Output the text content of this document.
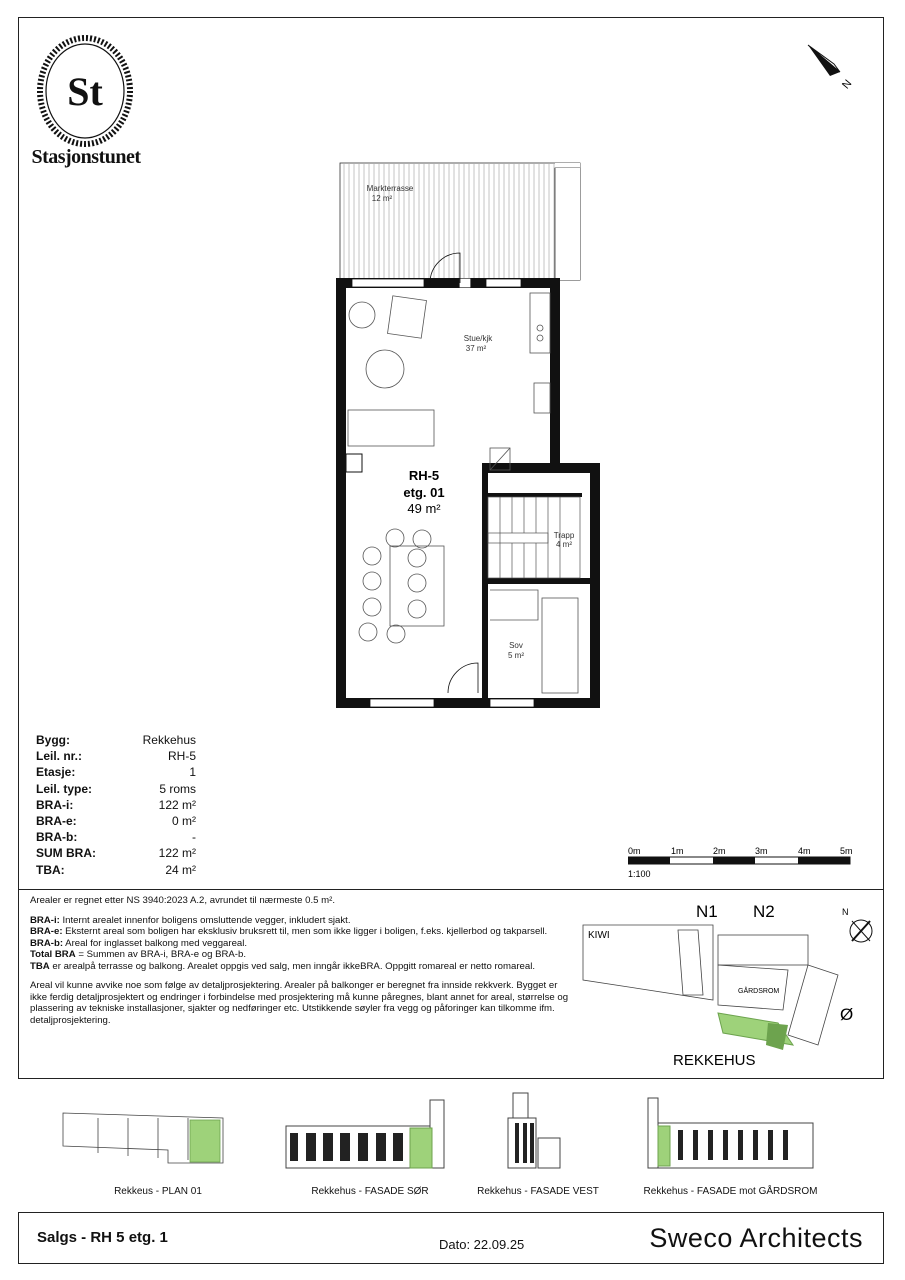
St
Stasjonstunet
N
Markterrasse
12 m²
Stue/kjk
37 m²
Trapp
4 m²
Sov
5 m²
RH-5
etg. 01
49 m²
Bygg:	Rekkehus
Leil. nr.:	RH-5
Etasje:	1
Leil. type:	5 roms
BRA-i:	122 m²
BRA-e:	0 m²
BRA-b:	-
SUM BRA:	122 m²
TBA:	24 m²
0m	1m	2m	3m	4m	5m
1:100

Arealer er regnet etter NS 3940:2023 A.2, avrundet til nærmeste 0.5 m².

BRA-i: Internt arealet innenfor boligens omsluttende vegger, inkludert sjakt.
BRA-e: Eksternt areal som boligen har eksklusiv bruksrett til, men som ikke ligger i boligen, f.eks. kjellerbod og takparsell.
BRA-b: Areal for inglasset balkong med veggareal.
Total BRA = Summen av BRA-i, BRA-e og BRA-b.
TBA er arealpå terrasse og balkong. Arealet oppgis ved salg, men inngår ikkeBRA. Oppgitt romareal er netto romareal.

Areal vil kunne avvike noe som følge av detaljprosjektering. Arealer på balkonger er beregnet fra innside rekkverk. Bygget er ikke ferdig detaljprosjektert og endringer i forbindelse med prosjektering må kunne påregnes, blant annet for areal, størrelse og plassering av tekniske installasjoner, sjakter og nedføringer etc. Utstikkende søyler fra vegg og påforinger kan tilkomme ifm. detaljprosjektering.

KIWI
N1 N2
GÅRDSROM
Ø
REKKEHUS
N
Rekkeus - PLAN 01	Rekkehus - FASADE SØR	Rekkehus - FASADE VEST	Rekkehus - FASADE mot GÅRDSROM
Salgs - RH 5 etg. 1	Dato: 22.09.25	Sweco Architects
